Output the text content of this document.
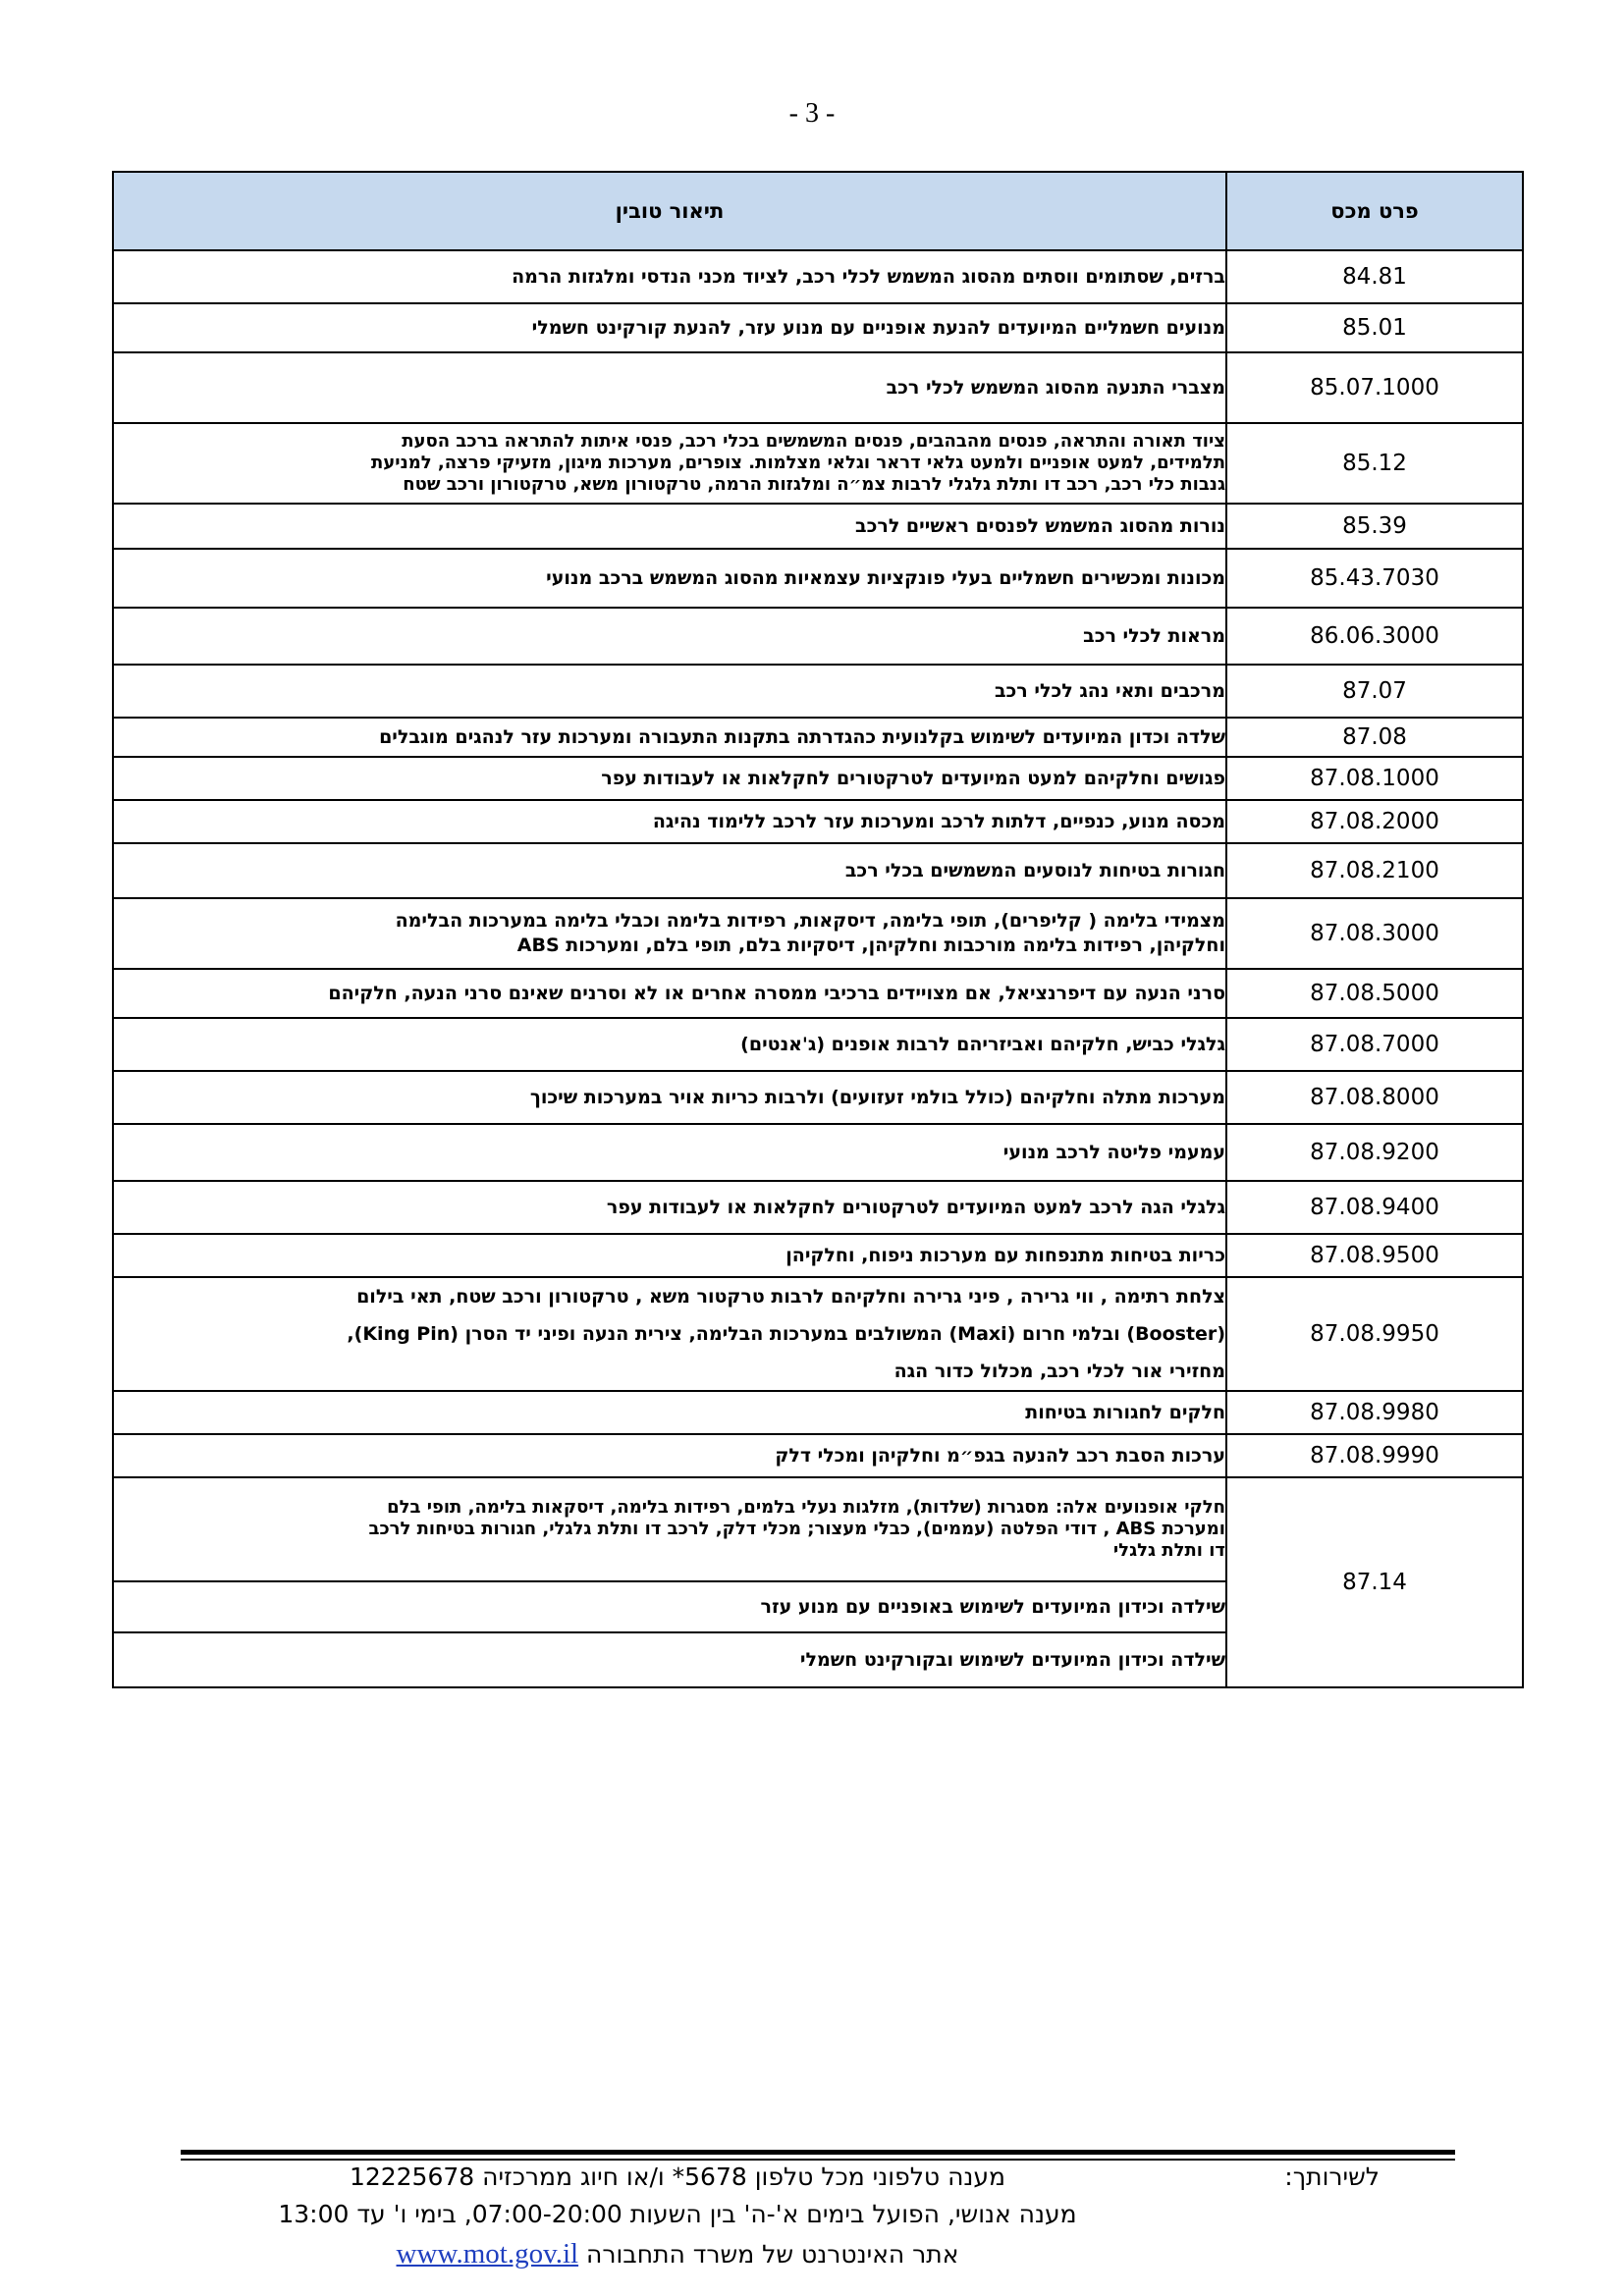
- 3 -
פרט מכס	תיאור טובין
84.81	ברזים, שסתומים ווסתים מהסוג המשמש לכלי רכב, לציוד מכני הנדסי ומלגזות הרמה

85.01	מנועים חשמליים המיועדים להנעת אופניים עם מנוע עזר, להנעת קורקינט חשמלי

85.07.1000	מצברי התנעה מהסוג המשמש לכלי רכב

85.12	ציוד תאורה והתראה, פנסים מהבהבים, פנסים המשמשים בכלי רכב, פנסי איתות להתראה ברכב הסעת
תלמידים, למעט אופניים ולמעט גלאי דראר וגלאי מצלמות. צופרים, מערכות מיגון, מזעיקי פרצה, למניעת
גנבות כלי רכב, רכב דו ותלת גלגלי לרבות צמ״ה ומלגזות הרמה, טרקטורון משא, טרקטורון ורכב שטח

85.39	נורות מהסוג המשמש לפנסים ראשיים לרכב

85.43.7030	מכונות ומכשירים חשמליים בעלי פונקציות עצמאיות מהסוג המשמש ברכב מנועי

86.06.3000	מראות לכלי רכב

87.07	מרכבים ותאי נהג לכלי רכב

87.08	שלדה וכדון המיועדים לשימוש בקלנועית כהגדרתה בתקנות התעבורה ומערכות עזר לנהגים מוגבלים

87.08.1000	פגושים וחלקיהם למעט המיועדים לטרקטורים לחקלאות או לעבודות עפר

87.08.2000	מכסה מנוע, כנפיים, דלתות לרכב ומערכות עזר לרכב ללימוד נהיגה

87.08.2100	חגורות בטיחות לנוסעים המשמשים בכלי רכב

87.08.3000	מצמידי בלימה ( קליפרים), תופי בלימה, דיסקאות, רפידות בלימה וכבלי בלימה במערכות הבלימה
וחלקיהן, רפידות בלימה מורכבות וחלקיהן, דיסקיות בלם, תופי בלם, ומערכות ABS

87.08.5000	סרני הנעה עם דיפרנציאל, אם מצויידים ברכיבי ממסרה אחרים או לא וסרנים שאינם סרני הנעה, חלקיהם

87.08.7000	גלגלי כביש, חלקיהם ואביזריהם לרבות אופנים (ג'אנטים)

87.08.8000	מערכות מתלה וחלקיהם (כולל בולמי זעזועים) ולרבות כריות אויר במערכות שיכוך

87.08.9200	עמעמי פליטה לרכב מנועי

87.08.9400	גלגלי הגה לרכב למעט המיועדים לטרקטורים לחקלאות או לעבודות עפר

87.08.9500	כריות בטיחות מתנפחות עם מערכות ניפוח, וחלקיהן

87.08.9950	צלחת רתימה , ווי גרירה , פיני גרירה וחלקיהם לרבות טרקטור משא , טרקטורון ורכב שטח, תאי בילום
(Booster) ובלמי חרום (Maxi) המשולבים במערכות הבלימה, צירית הנעה ופיני יד הסרן (King Pin),
מחזירי אור לכלי רכב, מכלול כדור הגה

87.08.9980	חלקים לחגורות בטיחות

87.08.9990	ערכות הסבת רכב להנעה בגפ״מ וחלקיהן ומכלי דלק

87.14	חלקי אופנועים אלה: מסגרות (שלדות), מזלגות נעלי בלמים, רפידות בלימה, דיסקאות בלימה, תופי בלם
ומערכת ABS , דודי הפלטה (עממים), כבלי מעצור; מכלי דלק, לרכב דו ותלת גלגלי, חגורות בטיחות לרכב
דו ותלת גלגלי

	שילדה וכידון המיועדים לשימוש באופניים עם מנוע עזר

	שילדה וכידון המיועדים לשימוש ובקורקינט חשמלי
לשירותך:
מענה טלפוני מכל טלפון 5678* ו/או חיוג ממרכזיה 12225678
מענה אנושי, הפועל בימים א'-ה' בין השעות 07:00-20:00, בימי ו' עד 13:00
אתר האינטרנט של משרד התחבורה www.mot.gov.il
